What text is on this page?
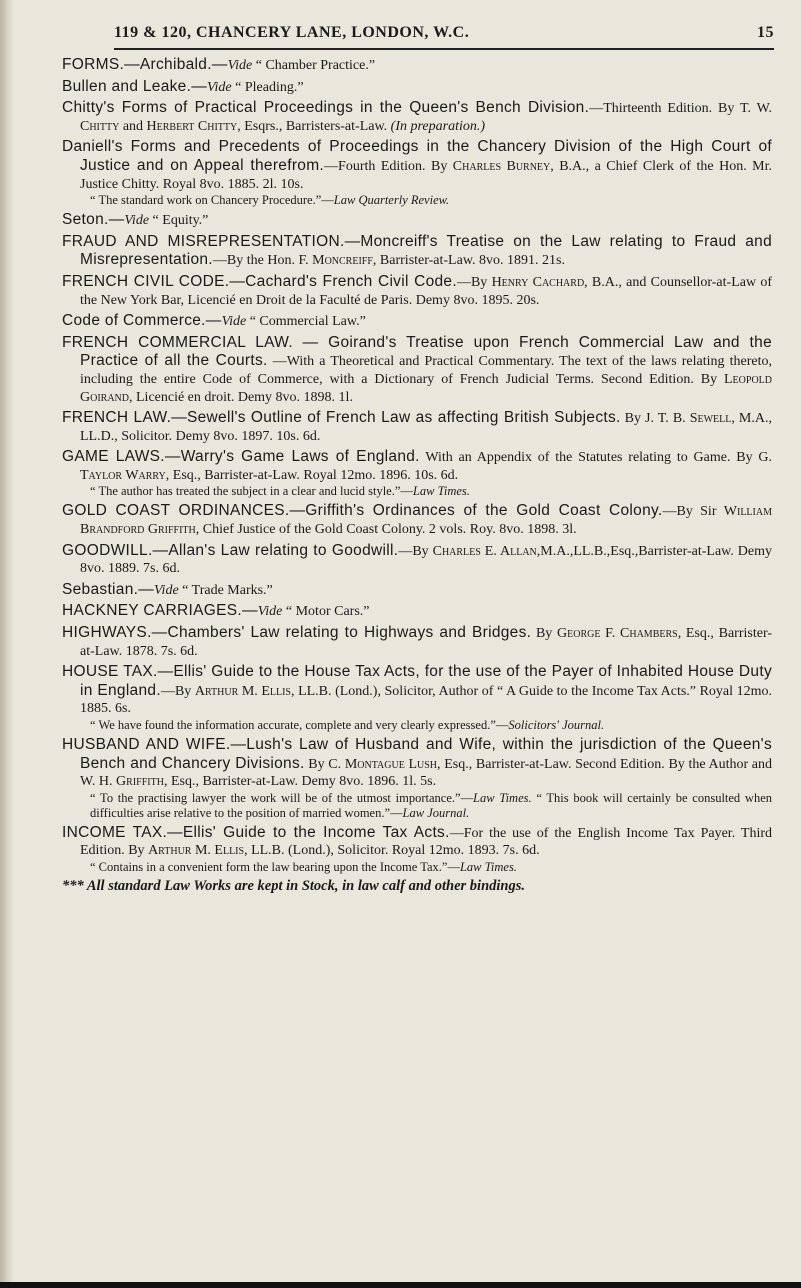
119 & 120, CHANCERY LANE, LONDON, W.C.	15

FORMS.—Archibald.—Vide “ Chamber Practice.”

Bullen and Leake.—Vide “ Pleading.”

Chitty's Forms of Practical Proceedings in the Queen's Bench Division.—Thirteenth Edition. By T. W. Chitty and Herbert Chitty, Esqrs., Barristers-at-Law. (In preparation.)

Daniell's Forms and Precedents of Proceedings in the Chancery Division of the High Court of Justice and on Appeal therefrom.—Fourth Edition. By Charles Burney, B.A., a Chief Clerk of the Hon. Mr. Justice Chitty. Royal 8vo. 1885. 2l. 10s.
“ The standard work on Chancery Procedure.”—Law Quarterly Review.

Seton.—Vide “ Equity.”

FRAUD AND MISREPRESENTATION.—Moncreiff's Treatise on the Law relating to Fraud and Misrepresentation.—By the Hon. F. Moncreiff, Barrister-at-Law. 8vo. 1891. 21s.

FRENCH CIVIL CODE.—Cachard's French Civil Code.—By Henry Cachard, B.A., and Counsellor-at-Law of the New York Bar, Licencié en Droit de la Faculté de Paris. Demy 8vo. 1895. 20s.

Code of Commerce.—Vide “ Commercial Law.”

FRENCH COMMERCIAL LAW. — Goirand's Treatise upon French Commercial Law and the Practice of all the Courts. —With a Theoretical and Practical Commentary. The text of the laws relating thereto, including the entire Code of Commerce, with a Dictionary of French Judicial Terms. Second Edition. By Leopold Goirand, Licencié en droit. Demy 8vo. 1898. 1l.

FRENCH LAW.—Sewell's Outline of French Law as affecting British Subjects. By J. T. B. Sewell, M.A., LL.D., Solicitor. Demy 8vo. 1897. 10s. 6d.

GAME LAWS.—Warry's Game Laws of England. With an Appendix of the Statutes relating to Game. By G. Taylor Warry, Esq., Barrister-at-Law. Royal 12mo. 1896. 10s. 6d.
“ The author has treated the subject in a clear and lucid style.”—Law Times.

GOLD COAST ORDINANCES.—Griffith's Ordinances of the Gold Coast Colony.—By Sir William Brandford Griffith, Chief Justice of the Gold Coast Colony. 2 vols. Roy. 8vo. 1898. 3l.

GOODWILL.—Allan's Law relating to Goodwill.—By Charles E. Allan,M.A.,LL.B.,Esq.,Barrister-at-Law. Demy 8vo. 1889. 7s. 6d.

Sebastian.—Vide “ Trade Marks.”

HACKNEY CARRIAGES.—Vide “ Motor Cars.”

HIGHWAYS.—Chambers' Law relating to Highways and Bridges. By George F. Chambers, Esq., Barrister-at-Law. 1878. 7s. 6d.

HOUSE TAX.—Ellis' Guide to the House Tax Acts, for the use of the Payer of Inhabited House Duty in England.—By Arthur M. Ellis, LL.B. (Lond.), Solicitor, Author of “ A Guide to the Income Tax Acts.” Royal 12mo. 1885. 6s.
“ We have found the information accurate, complete and very clearly expressed.”—Solicitors' Journal.

HUSBAND AND WIFE.—Lush's Law of Husband and Wife, within the jurisdiction of the Queen's Bench and Chancery Divisions. By C. Montague Lush, Esq., Barrister-at-Law. Second Edition. By the Author and W. H. Griffith, Esq., Barrister-at-Law. Demy 8vo. 1896. 1l. 5s.
“ To the practising lawyer the work will be of the utmost importance.”—Law Times. “ This book will certainly be consulted when difficulties arise relative to the position of married women.”—Law Journal.

INCOME TAX.—Ellis' Guide to the Income Tax Acts.—For the use of the English Income Tax Payer. Third Edition. By Arthur M. Ellis, LL.B. (Lond.), Solicitor. Royal 12mo. 1893. 7s. 6d.
“ Contains in a convenient form the law bearing upon the Income Tax.”—Law Times.

*** All standard Law Works are kept in Stock, in law calf and other bindings.
